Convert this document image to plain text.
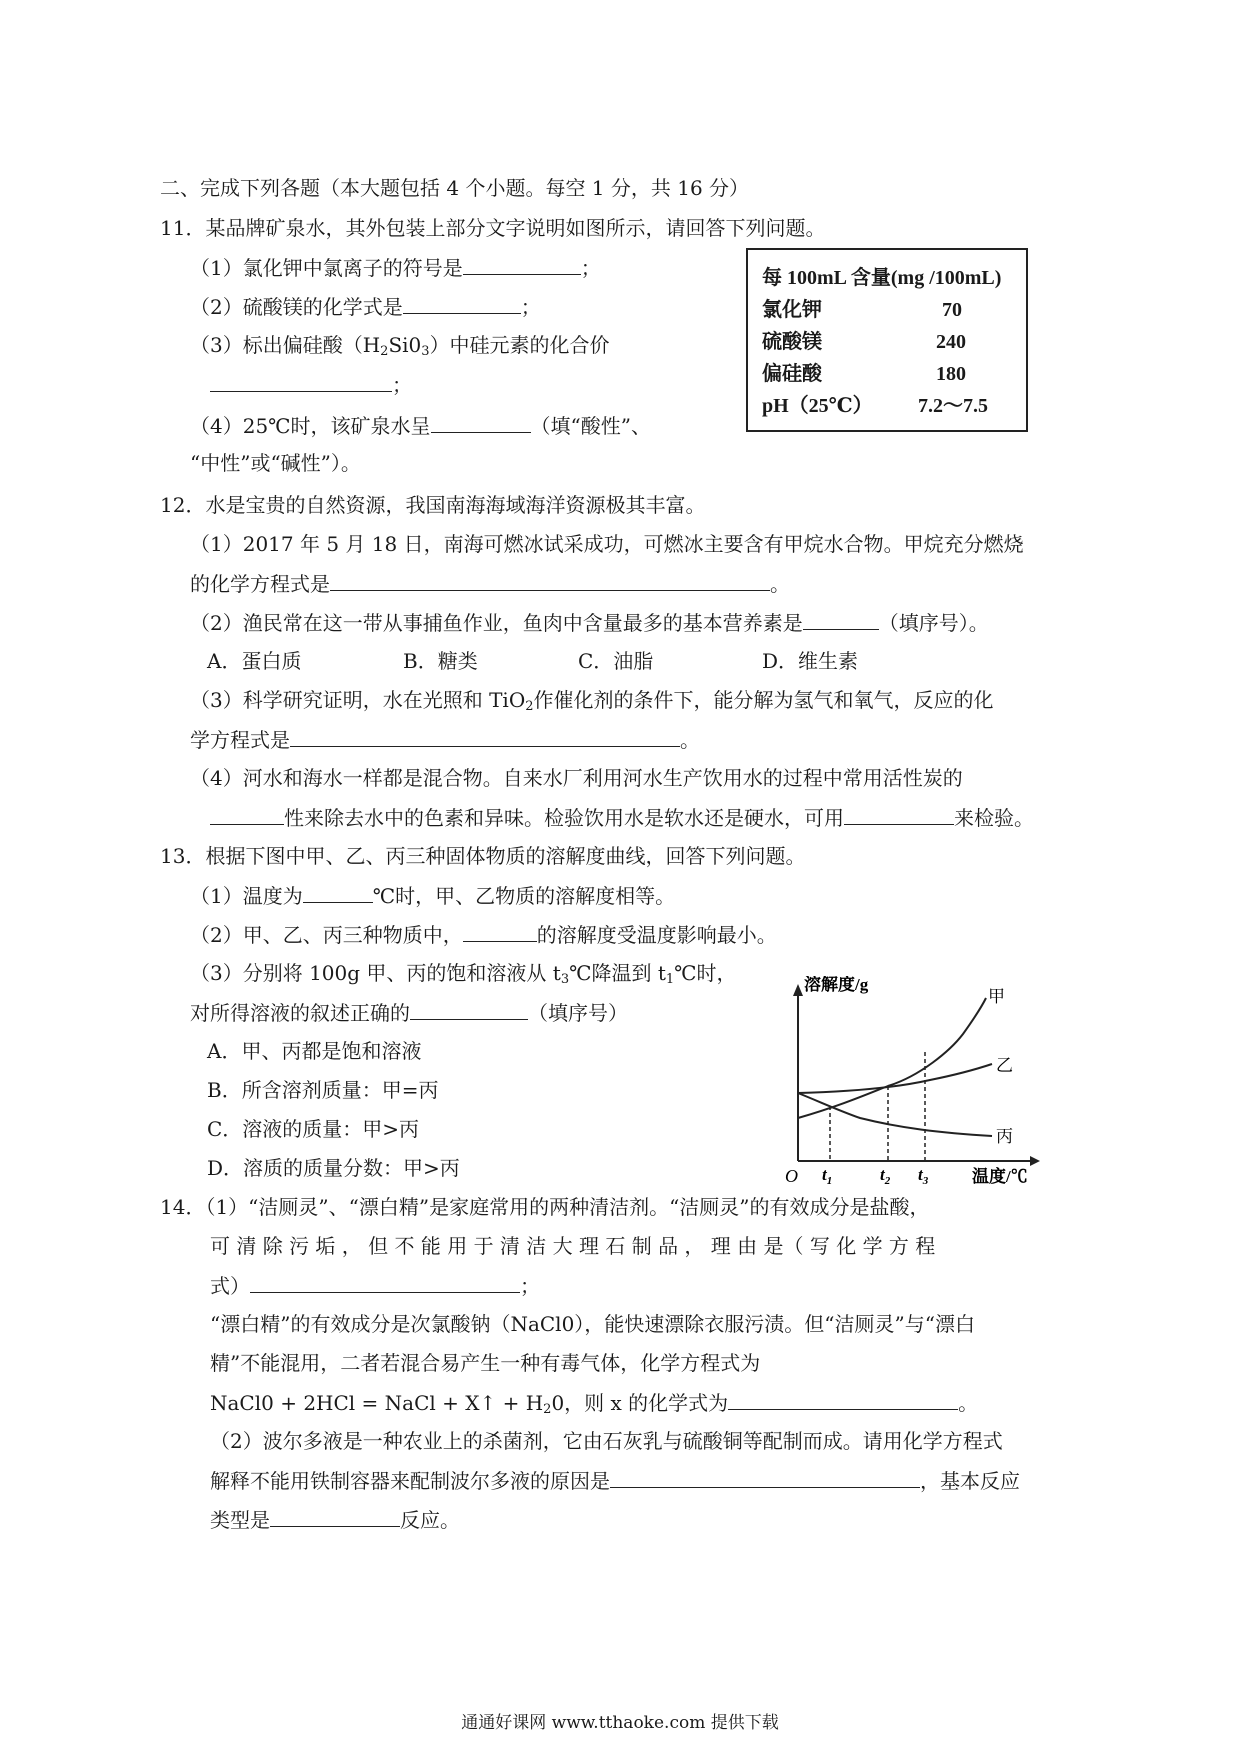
二、完成下列各题（本大题包括 4 个小题。每空 1 分，共 16 分）
11．某品牌矿泉水，其外包装上部分文字说明如图所示，请回答下列问题。
（1）氯化钾中氯离子的符号是	；
（2）硫酸镁的化学式是	；
（3）标出偏硅酸$(H_2Si0_3)$中硅元素的化合价
；
（4）25℃时，该矿泉水呈	（填“酸性”、
“中性”或“碱性”）。
每 100mL 含量(mg /100mL)
氯化钾	70
硫酸镁	240
偏硅酸	180
pH（25℃） 7.2～7.5
12．水是宝贵的自然资源，我国南海海域海洋资源极其丰富。
（1）2017 年 5 月 18 日，南海可燃冰试采成功，可燃冰主要含有甲烷水合物。甲烷充分燃烧
的化学方程式是	。
（2）渔民常在这一带从事捕鱼作业，鱼肉中含量最多的基本营养素是	（填序号）。
A．蛋白质	B．糖类	C．油脂	D．维生素
（3）科学研究证明，水在光照和 TiO$_2$作催化剂的条件下，能分解为氢气和氧气，反应的化
学方程式是	。
（4）河水和海水一样都是混合物。自来水厂利用河水生产饮用水的过程中常用活性炭的
性来除去水中的色素和异味。检验饮用水是软水还是硬水，可用	来检验。
13．根据下图中甲、乙、丙三种固体物质的溶解度曲线，回答下列问题。
（1）温度为	℃时，甲、乙物质的溶解度相等。
（2）甲、乙、丙三种物质中，	的溶解度受温度影响最小。
（3）分别将 100g 甲、丙的饱和溶液从 $t_3℃$降温到 $t_1℃$时，
对所得溶液的叙述正确的	（填序号）
A．甲、丙都是饱和溶液
B．所含溶剂质量：甲=丙
C．溶液的质量：甲>丙
D．溶质的质量分数：甲>丙
溶解度/g
温度/℃
O $t_1$	$t_2$ $t_3$
甲
乙
丙
14．（1）“洁厕灵”、“漂白精”是家庭常用的两种清洁剂。“洁厕灵”的有效成分是盐酸，
可 清 除 污 垢 ， 但 不 能 用 于 清 洁 大 理 石 制 品 ， 理 由 是（ 写 化 学 方 程
式）	；
“漂白精”的有效成分是次氯酸钠（NaCl0），能快速漂除衣服污渍。但“洁厕灵”与“漂白
精”不能混用，二者若混合易产生一种有毒气体，化学方程式为
NaCl0 + 2HCl = NaCl + X↑ + $H_20$，则 x 的化学式为	。
（2）波尔多液是一种农业上的杀菌剂，它由石灰乳与硫酸铜等配制而成。请用化学方程式
解释不能用铁制容器来配制波尔多液的原因是	，基本反应
类型是	反应。
通通好课网 www.tthaoke.com 提供下载
